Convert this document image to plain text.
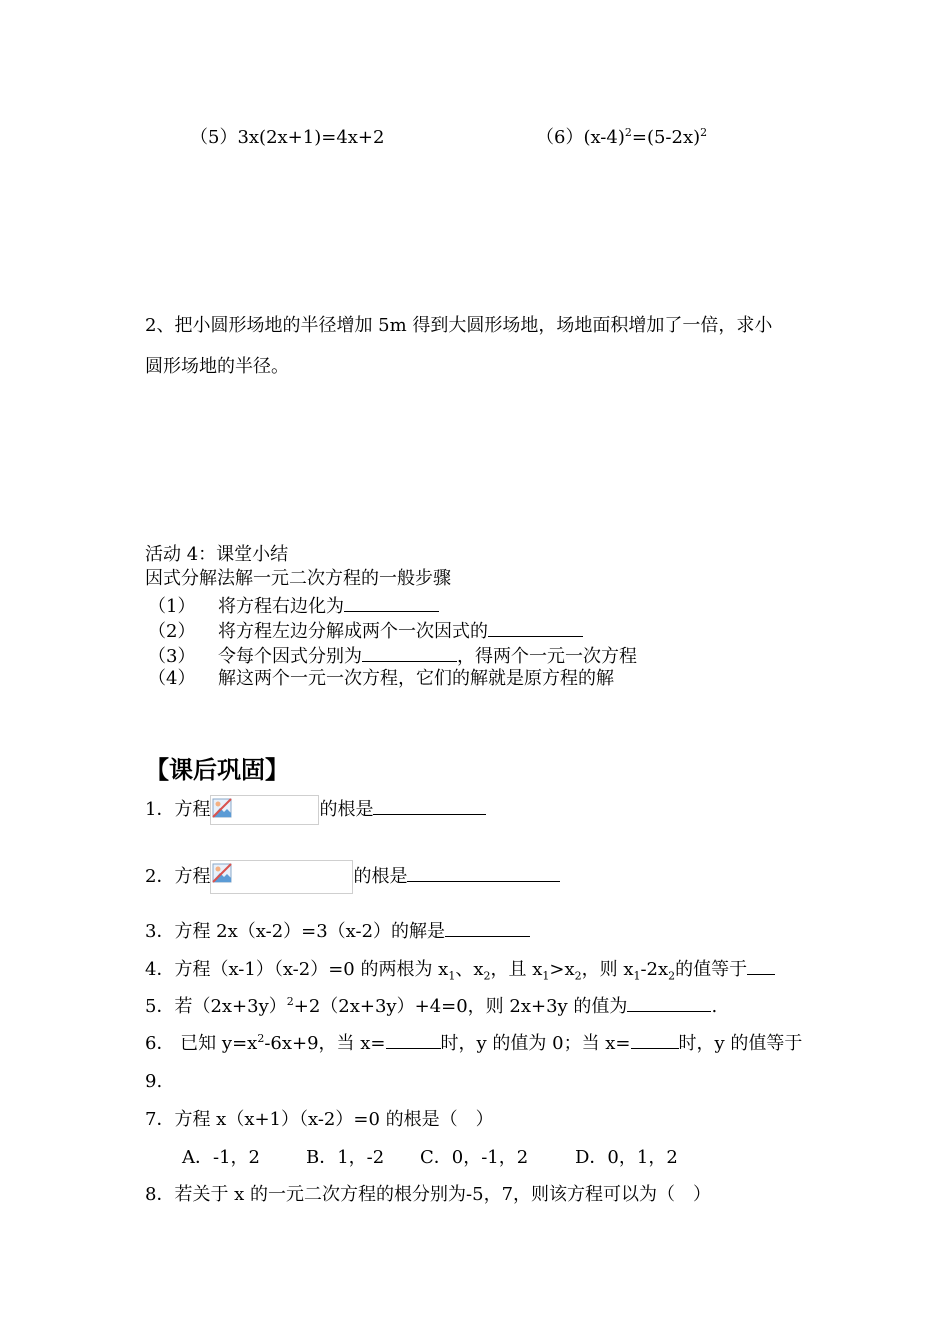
（5）3x(2x+1)=4x+2	$(6)(x-4)^2=(5-2x)^2$
2、把小圆形场地的半径增加 5m 得到大圆形场地，场地面积增加了一倍，求小
圆形场地的半径。
活动 4：课堂小结
因式分解法解一元二次方程的一般步骤
（1） 将方程右边化为
（2） 将方程左边分解成两个一次因式的
（3） 令每个因式分别为	，得两个一元一次方程
（4） 解这两个一元一次方程，它们的解就是原方程的解
【课后巩固】
1．方程	的根是
2．方程	的根是
3．方程 2x（x-2）=3（x-2）的解是
4．方程（x-1）（x-2）=0 的两根为 $x_1$、$x_2$，且 $x_1>x_2$，则 $x_1-2x_2$的值等于
5．若$(2x+3y)^2+2(2x+3y)+4=0$，则 2x+3y 的值为	.
6． 已知 $y=x^2-6x+9$，当 x=	时，y 的值为 0；当 x=	时，y 的值等于
9.
7．方程 x（x+1）（x-2）=0 的根是（　）
A．-1，2	B．1，-2 C．0，-1，2	D．0，1，2
8．若关于 x 的一元二次方程的根分别为-5，7，则该方程可以为（　）
